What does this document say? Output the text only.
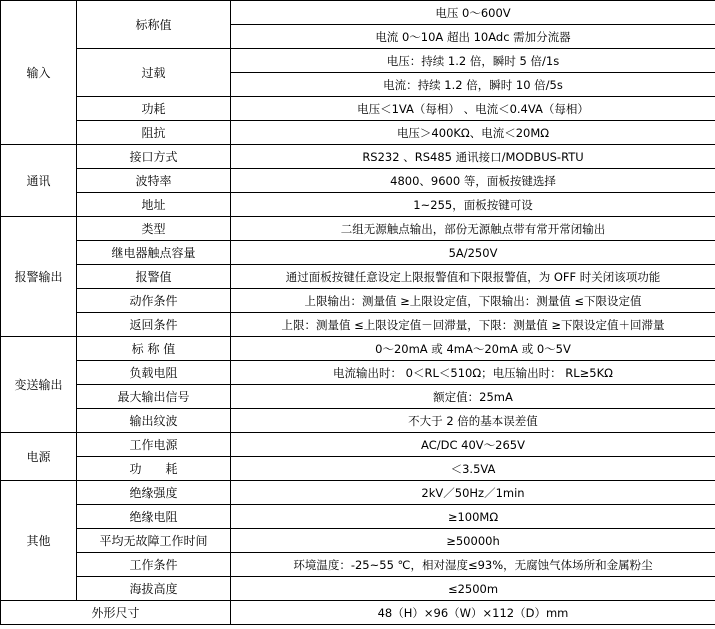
输入	标称值	电压 0～600V
		电流 0～10A 超出 10Adc 需加分流器
	过载	电压：持续 1.2 倍，瞬时 5 倍/1s
		电流：持续 1.2 倍，瞬时 10 倍/5s
	功耗	电压＜1VA（每相） 、电流＜0.4VA（每相）
	阻抗	电压＞400KΩ、电流＜20MΩ
通讯	接口方式	RS232 、RS485 通讯接口/MODBUS-RTU
	波特率	4800、9600 等，面板按键选择
	地址	1~255，面板按键可设
报警输出	类型	二组无源触点输出，部份无源触点带有常开常闭输出
	继电器触点容量	5A/250V
	报警值	通过面板按键任意设定上限报警值和下限报警值，为 OFF 时关闭该项功能
	动作条件	上限输出：测量值 ≥上限设定值，下限输出：测量值 ≤下限设定值
	返回条件	上限：测量值 ≤上限设定值－回滞量，下限：测量值 ≥下限设定值＋回滞量
变送输出	标 称 值	0～20mA 或 4mA～20mA 或 0～5V
	负载电阻	电流输出时： 0＜RL＜510Ω；电压输出时： RL≥5KΩ
	最大输出信号	额定值：25mA
	输出纹波	不大于 2 倍的基本误差值
电源	工作电源	AC/DC 40V～265V
	功　　耗	＜3.5VA
其他	绝缘强度	2kV／50Hz／1min
	绝缘电阻	≥100MΩ
	平均无故障工作时间	≥50000h
	工作条件	环境温度：-25~55 ℃，相对湿度≤93%，无腐蚀气体场所和金属粉尘
	海拔高度	≤2500m
外形尺寸		48（H）×96（W）×112（D）mm
